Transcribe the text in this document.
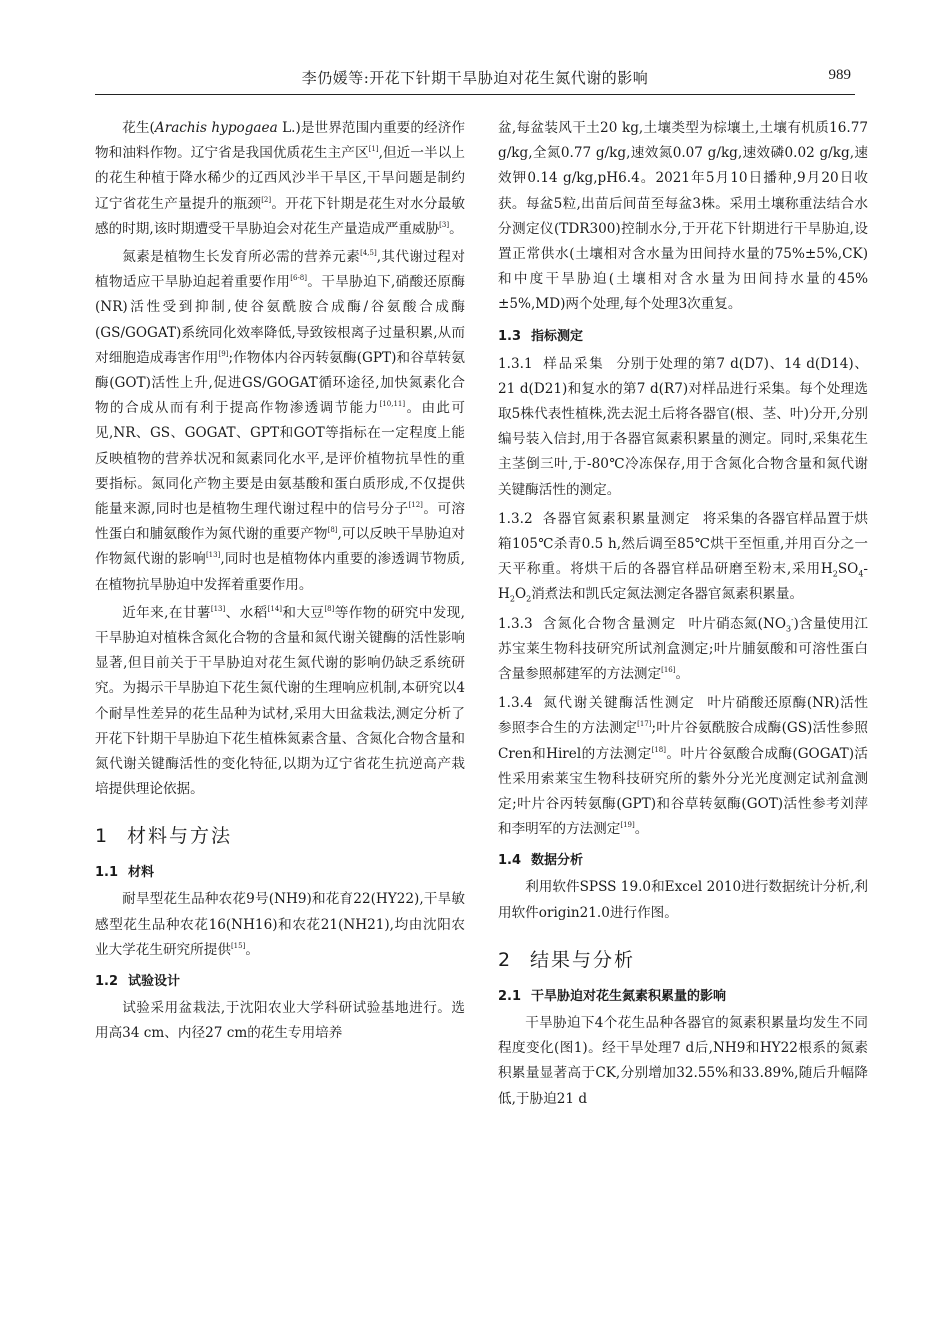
李仍媛等:开花下针期干旱胁迫对花生氮代谢的影响	989

花生(Arachis hypogaea L.)是世界范围内重要的经济作物和油料作物。辽宁省是我国优质花生主产区[1],但近一半以上的花生种植于降水稀少的辽西风沙半干旱区,干旱问题是制约辽宁省花生产量提升的瓶颈[2]。开花下针期是花生对水分最敏感的时期,该时期遭受干旱胁迫会对花生产量造成严重威胁[3]。

氮素是植物生长发育所必需的营养元素[4,5],其代谢过程对植物适应干旱胁迫起着重要作用[6-8]。干旱胁迫下,硝酸还原酶(NR)活性受到抑制,使谷氨酰胺合成酶/谷氨酸合成酶(GS/GOGAT)系统同化效率降低,导致铵根离子过量积累,从而对细胞造成毒害作用[9];作物体内谷丙转氨酶(GPT)和谷草转氨酶(GOT)活性上升,促进GS/GOGAT循环途径,加快氮素化合物的合成从而有利于提高作物渗透调节能力[10,11]。由此可见,NR、GS、GOGAT、GPT和GOT等指标在一定程度上能反映植物的营养状况和氮素同化水平,是评价植物抗旱性的重要指标。氮同化产物主要是由氨基酸和蛋白质形成,不仅提供能量来源,同时也是植物生理代谢过程中的信号分子[12]。可溶性蛋白和脯氨酸作为氮代谢的重要产物[8],可以反映干旱胁迫对作物氮代谢的影响[13],同时也是植物体内重要的渗透调节物质,在植物抗旱胁迫中发挥着重要作用。

近年来,在甘薯[13]、水稻[14]和大豆[8]等作物的研究中发现,干旱胁迫对植株含氮化合物的含量和氮代谢关键酶的活性影响显著,但目前关于干旱胁迫对花生氮代谢的影响仍缺乏系统研究。为揭示干旱胁迫下花生氮代谢的生理响应机制,本研究以4个耐旱性差异的花生品种为试材,采用大田盆栽法,测定分析了开花下针期干旱胁迫下花生植株氮素含量、含氮化合物含量和氮代谢关键酶活性的变化特征,以期为辽宁省花生抗逆高产栽培提供理论依据。

1 材料与方法
1.1 材料

耐旱型花生品种农花9号(NH9)和花育22(HY22),干旱敏感型花生品种农花16(NH16)和农花21(NH21),均由沈阳农业大学花生研究所提供[15]。

1.2 试验设计

试验采用盆栽法,于沈阳农业大学科研试验基地进行。选用高34 cm、内径27 cm的花生专用培养

盆,每盆装风干土20 kg,土壤类型为棕壤土,土壤有机质16.77 g/kg,全氮0.77 g/kg,速效氮0.07 g/kg,速效磷0.02 g/kg,速效钾0.14 g/kg,pH6.4。2021年5月10日播种,9月20日收获。每盆5粒,出苗后间苗至每盆3株。采用土壤称重法结合水分测定仪(TDR300)控制水分,于开花下针期进行干旱胁迫,设置正常供水(土壤相对含水量为田间持水量的75%±5%,CK)和中度干旱胁迫(土壤相对含水量为田间持水量的45%±5%,MD)两个处理,每个处理3次重复。

1.3 指标测定

1.3.1 样品采集 分别于处理的第7 d(D7)、14 d(D14)、21 d(D21)和复水的第7 d(R7)对样品进行采集。每个处理选取5株代表性植株,洗去泥土后将各器官(根、茎、叶)分开,分别编号装入信封,用于各器官氮素积累量的测定。同时,采集花生主茎倒三叶,于-80℃冷冻保存,用于含氮化合物含量和氮代谢关键酶活性的测定。

1.3.2 各器官氮素积累量测定 将采集的各器官样品置于烘箱105℃杀青0.5 h,然后调至85℃烘干至恒重,并用百分之一天平称重。将烘干后的各器官样品研磨至粉末,采用$H_2SO_4-H_2O_2$消煮法和凯氏定氮法测定各器官氮素积累量。

1.3.3 含氮化合物含量测定 叶片硝态氮$(NO_3^-)$含量使用江苏宝莱生物科技研究所试剂盒测定;叶片脯氨酸和可溶性蛋白含量参照郝建军的方法测定[16]。

1.3.4 氮代谢关键酶活性测定 叶片硝酸还原酶(NR)活性参照李合生的方法测定[17];叶片谷氨酰胺合成酶(GS)活性参照Cren和Hirel的方法测定[18]。叶片谷氨酸合成酶(GOGAT)活性采用索莱宝生物科技研究所的紫外分光光度测定试剂盒测定;叶片谷丙转氨酶(GPT)和谷草转氨酶(GOT)活性参考刘萍和李明军的方法测定[19]。

1.4 数据分析

利用软件SPSS 19.0和Excel 2010进行数据统计分析,利用软件origin21.0进行作图。

2 结果与分析
2.1 干旱胁迫对花生氮素积累量的影响

干旱胁迫下4个花生品种各器官的氮素积累量均发生不同程度变化(图1)。经干旱处理7 d后,NH9和HY22根系的氮素积累量显著高于CK,分别增加32.55%和33.89%,随后升幅降低,于胁迫21 d
